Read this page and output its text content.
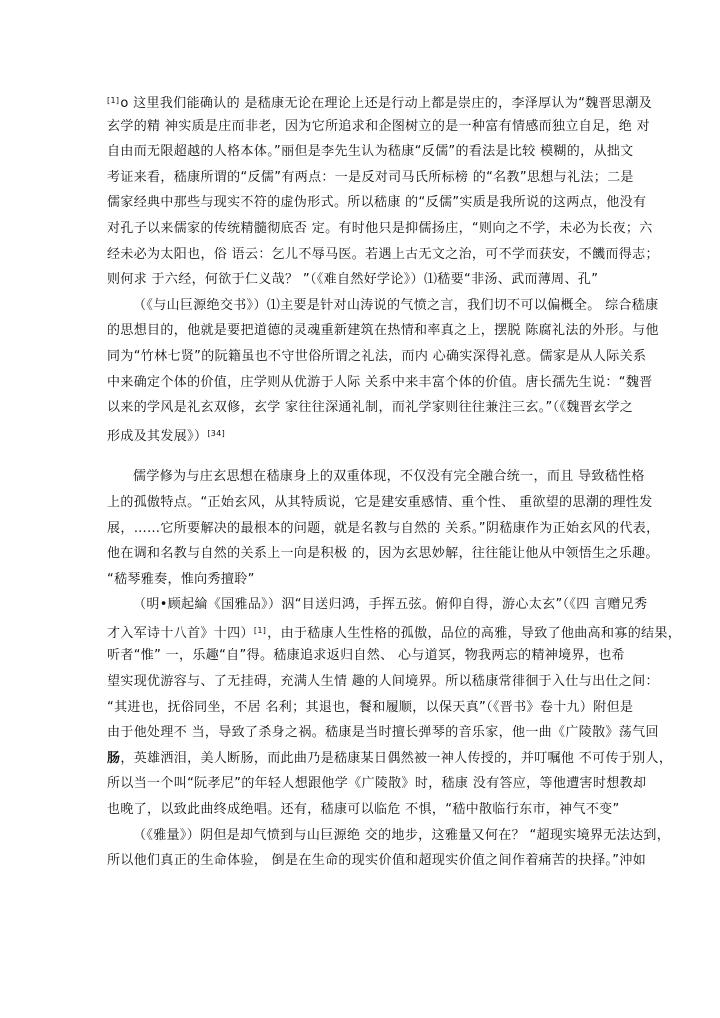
[1]o 这里我们能确认的 是嵇康无论在理论上还是行动上都是崇庄的，李泽厚认为“魏晋思潮及
玄学的精 神实质是庄而非老，因为它所追求和企图树立的是一种富有情感而独立自足，绝 对
自由而无限超越的人格本体。”丽但是李先生认为嵇康“反儒”的看法是比较 模糊的，从拙文
考证来看，嵇康所谓的“反儒”有两点：一是反对司马氏所标榜 的“名教”思想与礼法；二是
儒家经典中那些与现实不符的虚伪形式。所以嵇康 的“反儒”实质是我所说的这两点，他没有
对孔子以来儒家的传统精髓彻底否 定。有时他只是抑儒扬庄，“则向之不学，未必为长夜；六
经未必为太阳也，俗 语云：乞儿不辱马医。若遇上古无文之治，可不学而获安，不饑而得志；
则何求 于六经，何欲于仁义哉？ ”（《难自然好学论》）⑴嵇要“非汤、武而薄周、孔”
（《与山巨源绝交书》）⑴主要是针对山涛说的气愤之言，我们切不可以偏概全。 综合嵇康
的思想目的，他就是要把道德的灵魂重新建筑在热情和率真之上，摆脱 陈腐礼法的外形。与他
同为“竹林七贤”的阮籍虽也不守世俗所谓之礼法，而内 心确实深得礼意。儒家是从人际关系
中来确定个体的价值，庄学则从优游于人际 关系中来丰富个体的价值。唐长孺先生说：“魏晋
以来的学风是礼玄双修，玄学 家往往深通礼制，而礼学家则往往兼注三玄。”（《魏晋玄学之
形成及其发展》）[34]
儒学修为与庄玄思想在嵇康身上的双重体现，不仅没有完全融合统一，而且 导致嵇性格
上的孤傲特点。“正始玄风，从其特质说，它是建安重感情、重个性、 重欲望的思潮的理性发
展，……它所要解决的最根本的问题，就是名教与自然的 关系。”阴嵇康作为正始玄风的代表，
他在调和名教与自然的关系上一向是积极 的，因为玄思妙解，往往能让他从中领悟生之乐趣。
“嵇琴雅奏，惟向秀擅聆”
（明•顾起綸《国雅品》）泅“目送归鸿，手挥五弦。俯仰自得，游心太玄”（《四 言赠兄秀
才入军诗十八首》十四）[1]，由于嵇康人生性格的孤傲，品位的高雅，导致了他曲高和寡的结果，
听者“惟” 一，乐趣“自”得。嵇康追求返归自然、 心与道冥，物我两忘的精神境界，也希
望实现优游容与、了无挂碍，充满人生情 趣的人间境界。所以嵇康常徘徊于入仕与出仕之间：
“其进也，抚俗同坐，不居 名利；其退也，餐和履顺，以保天真”（《晋书》卷十九）附但是
由于他处理不 当，导致了杀身之祸。嵇康是当时擅长弹琴的音乐家，他一曲《广陵散》荡气回
肠，英雄洒泪，美人断肠，而此曲乃是嵇康某日偶然被一神人传授的，并叮嘱他 不可传于别人，
所以当一个叫“阮孝尼”的年轻人想跟他学《广陵散》时，嵇康 没有答应，等他遭害时想教却
也晚了，以致此曲终成绝唱。还有，嵇康可以临危 不惧，“嵇中散临行东市，神气不变”
（《雅量》）阴但是却气愤到与山巨源绝 交的地步，这雅量又何在？ “超现实境界无法达到，
所以他们真正的生命体验， 倒是在生命的现实价值和超现实价值之间作着痛苦的抉择。”沖如
